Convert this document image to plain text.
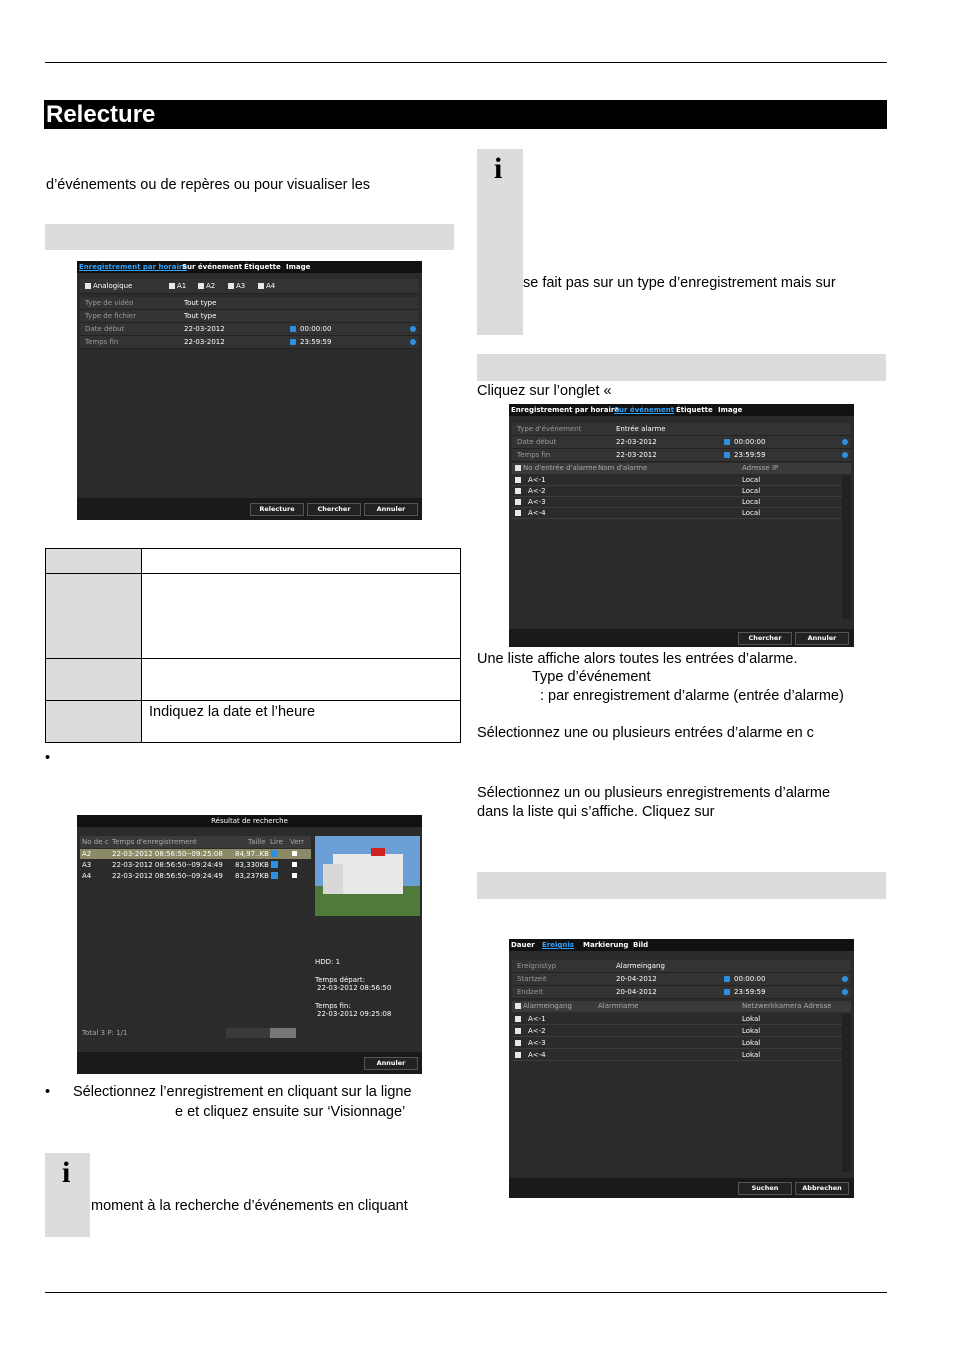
Relecture
d’événements ou de repères ou pour visualiser les
Enregistrement par horaire
Sur événement Étiquette Image
Analogique	A1	A2	A3	A4
Type de vidéo	Tout type
Type de fichier	Tout type
Date début	22-03-2012	00:00:00
Temps fin	22-03-2012	23:59:59
Relecture	Chercher	Annuler

	Indiquez la date et l’heure
•
Résultat de recherche
No de c Temps d'enregistrement	Taille Lire Verr
A2	22-03-2012 08:56:50--09:25:08 84,97..KB
A3	22-03-2012 08:56:50--09:24:49 83,330KB
A4	22-03-2012 08:56:50--09:24:49 83,237KB
HDD: 1
Temps départ:
22-03-2012 08:56:50
Temps fin:
22-03-2012 09:25:08
Total 3 P: 1/1
Annuler
• Sélectionnez l’enregistrement en cliquant sur la ligne
e et cliquez ensuite sur ‘Visionnage’
i
moment à la recherche d’événements en cliquant
i
se fait pas sur un type d’enregistrement mais sur
Cliquez sur l’onglet «
Enregistrement par horaire
Sur événement Étiquette Image
Type d'événement	Entrée alarme
Date début	22-03-2012	00:00:00
Temps fin	22-03-2012	23:59:59
No d'entrée d'alarme Nom d'alarme	Adresse IP
A<-1	Local
A<-2	Local
A<-3	Local
A<-4	Local
Chercher	Annuler
Une liste affiche alors toutes les entrées d’alarme.
Type d’événement
: par enregistrement d’alarme (entrée d’alarme)
Sélectionnez une ou plusieurs entrées d’alarme en c
Sélectionnez un ou plusieurs enregistrements d’alarme
dans la liste qui s’affiche. Cliquez sur
Dauer Ereignis Markierung Bild
Ereignistyp	Alarmeingang
Startzeit	20-04-2012	00:00:00
Endzeit	20-04-2012	23:59:59
Alarmeingang	Alarmname	Netzwerkkamera Adresse
A<-1	Lokal
A<-2	Lokal
A<-3	Lokal
A<-4	Lokal
Suchen	Abbrechen
